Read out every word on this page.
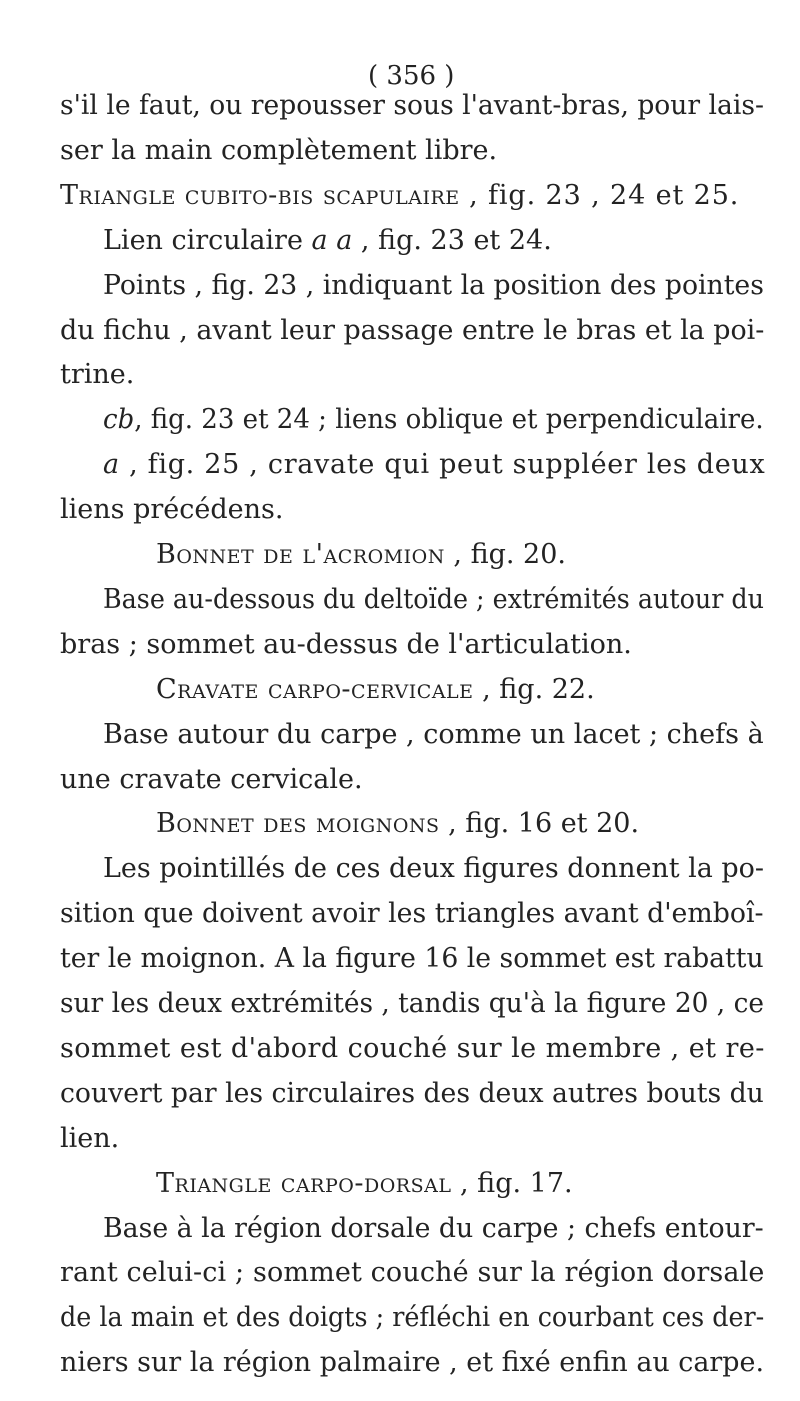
( 356 )
s'il le faut, ou repousser sous l'avant-bras, pour lais-
ser la main complètement libre.
Triangle cubito-bis scapulaire , fig. 23 , 24 et 25.
Lien circulaire a a , fig. 23 et 24.
Points , fig. 23 , indiquant la position des pointes
du fichu , avant leur passage entre le bras et la poi-
trine.
cb, fig. 23 et 24 ; liens oblique et perpendiculaire.
a , fig. 25 , cravate qui peut suppléer les deux
liens précédens.
Bonnet de l'acromion , fig. 20.
Base au-dessous du deltoïde ; extrémités autour du
bras ; sommet au-dessus de l'articulation.
Cravate carpo-cervicale , fig. 22.
Base autour du carpe , comme un lacet ; chefs à
une cravate cervicale.
Bonnet des moignons , fig. 16 et 20.
Les pointillés de ces deux figures donnent la po-
sition que doivent avoir les triangles avant d'emboî-
ter le moignon. A la figure 16 le sommet est rabattu
sur les deux extrémités , tandis qu'à la figure 20 , ce
sommet est d'abord couché sur le membre , et re-
couvert par les circulaires des deux autres bouts du
lien.
Triangle carpo-dorsal , fig. 17.
Base à la région dorsale du carpe ; chefs entour-
rant celui-ci ; sommet couché sur la région dorsale
de la main et des doigts ; réfléchi en courbant ces der-
niers sur la région palmaire , et fixé enfin au carpe.
